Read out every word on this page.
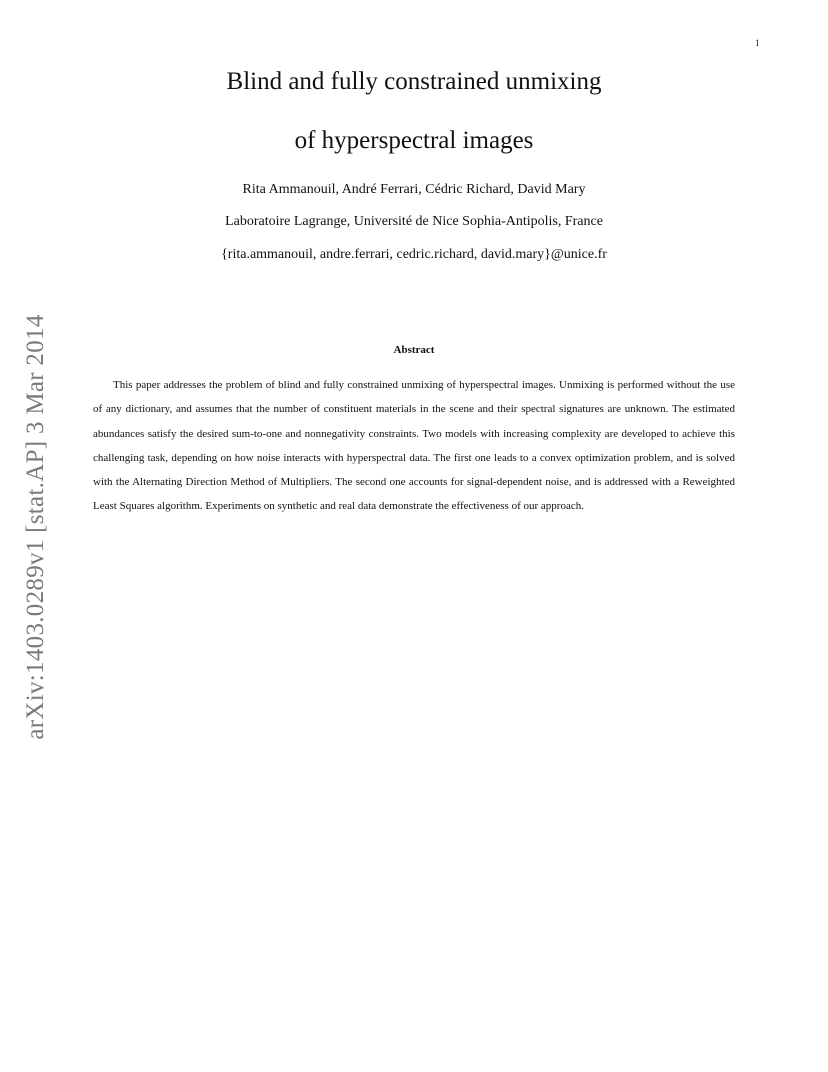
1
arXiv:1403.0289v1 [stat.AP] 3 Mar 2014
Blind and fully constrained unmixing
of hyperspectral images
Rita Ammanouil, André Ferrari, Cédric Richard, David Mary
Laboratoire Lagrange, Université de Nice Sophia-Antipolis, France
{rita.ammanouil, andre.ferrari, cedric.richard, david.mary}@unice.fr
Abstract

This paper addresses the problem of blind and fully constrained unmixing of hyperspectral images. Unmixing is performed without the use of any dictionary, and assumes that the number of constituent materials in the scene and their spectral signatures are unknown. The estimated abundances satisfy the desired sum-to-one and nonnegativity constraints. Two models with increasing complexity are developed to achieve this challenging task, depending on how noise interacts with hyperspectral data. The first one leads to a convex optimization problem, and is solved with the Alternating Direction Method of Multipliers. The second one accounts for signal-dependent noise, and is addressed with a Reweighted Least Squares algorithm. Experiments on synthetic and real data demonstrate the effectiveness of our approach.
